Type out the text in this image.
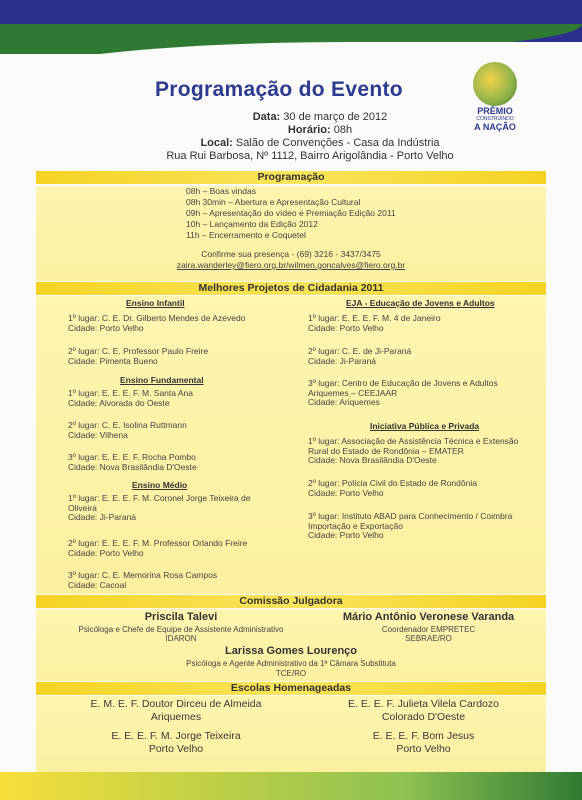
Programação do Evento
PRÊMIO
CONSTRUINDO
A NAÇÃO
Data: 30 de março de 2012
Horário: 08h
Local: Salão de Convenções - Casa da Indústria
Rua Rui Barbosa, Nº 1112, Bairro Arigolândia - Porto Velho
Programação
08h – Boas vindas
08h 30min – Abertura e Apresentação Cultural
09h – Apresentação do vídeo e Premiação Edição 2011
10h – Lançamento da Edição 2012
11h – Encerramento e Coquetel
Confirme sua presença - (69) 3216 - 3437/3475
zaira.wanderley@fiero.org.br/wilmen.goncalves@fiero.org.br
Melhores Projetos de Cidadania 2011
Ensino Infantil
1º lugar: C. E. Dr. Gilberto Mendes de Azevedo
Cidade: Porto Velho
2º lugar: C. E. Professor Paulo Freire
Cidade: Pimenta Bueno
Ensino Fundamental
1º lugar: E. E. E. F. M. Santa Ana
Cidade: Alvorada do Oeste
2º lugar: C. E. Isolina Ruttmann
Cidade: Vilhena
3º lugar: E. E. E. F. Rocha Pombo
Cidade: Nova Brasilândia D'Oeste
Ensino Médio
1º lugar: E. E. E. F. M. Coronel Jorge Teixeira de
Oliveira
Cidade: Ji-Paraná
2º lugar: E. E. E. F. M. Professor Orlando Freire
Cidade: Porto Velho
3º lugar: C. E. Memorina Rosa Campos
Cidade: Cacoal
EJA - Educação de Jovens e Adultos
1º lugar: E. E. E. F. M. 4 de Janeiro
Cidade: Porto Velho
2º lugar: C. E. de Ji-Paraná
Cidade: Ji-Paraná
3º lugar: Centro de Educação de Jovens e Adultos
Ariquemes – CEEJAAR
Cidade: Ariquemes
Iniciativa Pública e Privada
1º lugar: Associação de Assistência Técnica e Extensão
Rural do Estado de Rondônia – EMATER
Cidade: Nova Brasilândia D'Oeste
2º lugar: Polícia Civil do Estado de Rondônia
Cidade: Porto Velho
3º lugar: Instituto ABAD para Conhecimento / Coimbra
Importação e Exportação
Cidade: Porto Velho
Comissão Julgadora
Priscila Talevi
Psicóloga e Chefe de Equipe de Assistente Administrativo
IDARON
Mário Antônio Veronese Varanda
Coordenador EMPRETEC
SEBRAE/RO
Larissa Gomes Lourenço
Psicóloga e Agente Administrativo da 1ª Câmara Substituta
TCE/RO
Escolas Homenageadas
E. M. E. F. Doutor Dirceu de Almeida
Ariquemes
E. E. E. F. Julieta Vilela Cardozo
Colorado D'Oeste
E. E. E. F. M. Jorge Teixeira
Porto Velho
E. E. E. F. Bom Jesus
Porto Velho
